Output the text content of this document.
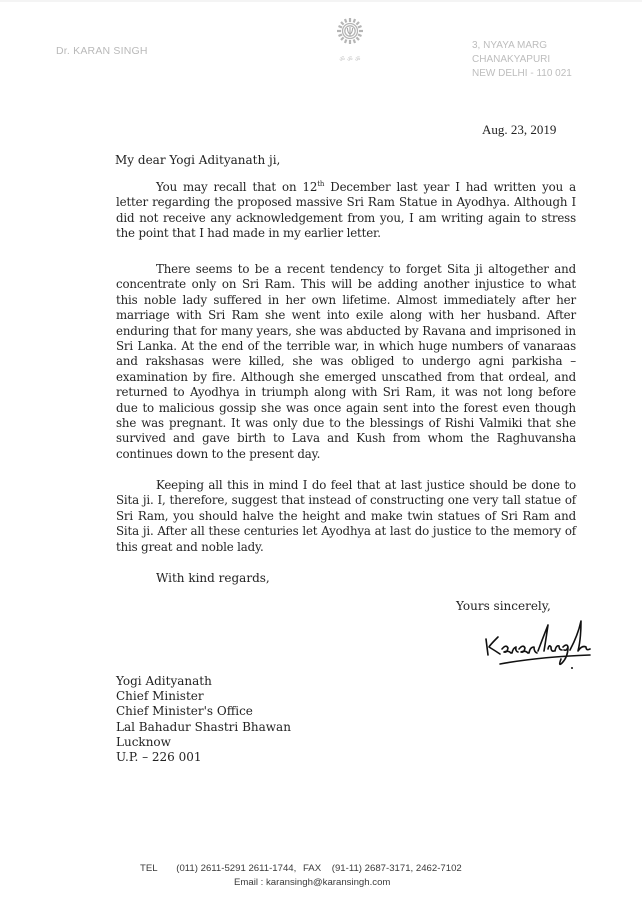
Dr. KARAN SINGH
ॐ ॐ ॐ
3, NYAYA MARG
CHANAKYAPURI
NEW DELHI - 110 021
Aug. 23, 2019
My dear Yogi Adityanath ji,
You may recall that on 12th December last year I had written you a letter regarding the proposed massive Sri Ram Statue in Ayodhya. Although I did not receive any acknowledgement from you, I am writing again to stress the point that I had made in my earlier letter.
There seems to be a recent tendency to forget Sita ji altogether and concentrate only on Sri Ram. This will be adding another injustice to what this noble lady suffered in her own lifetime. Almost immediately after her marriage with Sri Ram she went into exile along with her husband. After enduring that for many years, she was abducted by Ravana and imprisoned in Sri Lanka. At the end of the terrible war, in which huge numbers of vanaraas and rakshasas were killed, she was obliged to undergo agni parkisha – examination by fire. Although she emerged unscathed from that ordeal, and returned to Ayodhya in triumph along with Sri Ram, it was not long before due to malicious gossip she was once again sent into the forest even though she was pregnant. It was only due to the blessings of Rishi Valmiki that she survived and gave birth to Lava and Kush from whom the Raghuvansha continues down to the present day.
Keeping all this in mind I do feel that at last justice should be done to Sita ji. I, therefore, suggest that instead of constructing one very tall statue of Sri Ram, you should halve the height and make twin statues of Sri Ram and Sita ji. After all these centuries let Ayodhya at last do justice to the memory of this great and noble lady.
With kind regards,
Yours sincerely,
Yogi Adityanath
Chief Minister
Chief Minister's Office
Lal Bahadur Shastri Bhawan
Lucknow
U.P. – 226 001
TEL (011) 2611-5291 2611-1744, FAX (91-11) 2687-3171, 2462-7102
Email : karansingh@karansingh.com
